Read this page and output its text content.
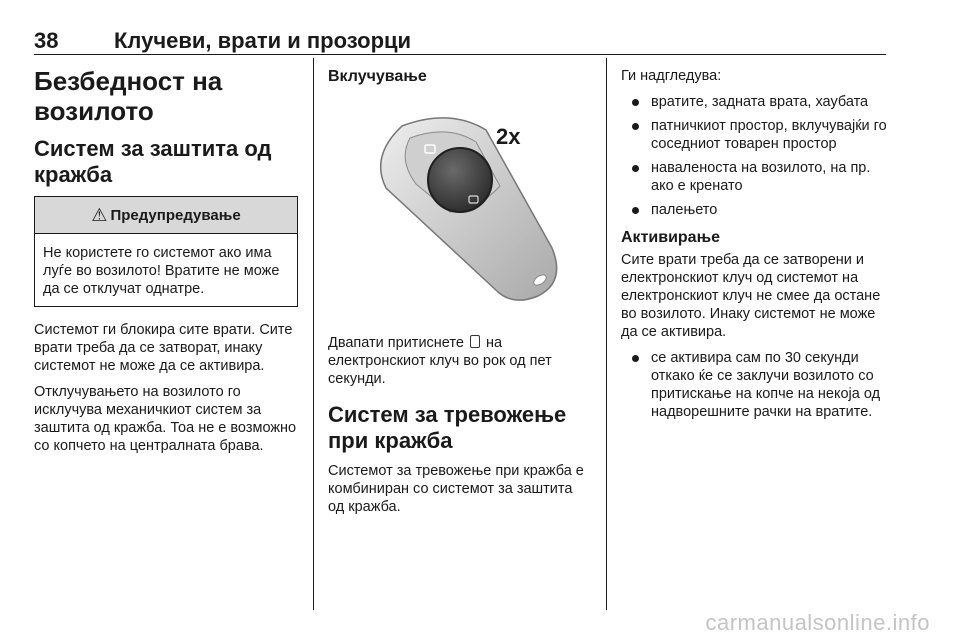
38	Клучеви, врати и прозорци
Безбедност на возилото
Систем за заштита од кражба
⚠ Предупредување
Не користете го системот ако има луѓе во возилото! Вратите не може да се отклучат однатре.

Системот ги блокира сите врати. Сите врати треба да се затворат, инаку системот не може да се активира.

Отклучувањето на возилото го исклучува механичкиот систем за заштита од кражба. Тоа не е возможно со копчето на централната брава.

Вклучување
2x

Двапати притиснете на електронскиот клуч во рок од пет секунди.

Систем за тревожење при кражба

Системот за тревожење при кражба е комбиниран со системот за заштита од кражба.

Ги надгледува:

вратите, задната врата, хаубата
патничкиот простор, вклучувајќи го соседниот товарен простор
наваленоста на возилото, на пр. ако е кренато
палењето
Активирање

Сите врати треба да се затворени и електронскиот клуч од системот на електронскиот клуч не смее да остане во возилото. Инаку системот не може да се активира.

се активира сам по 30 секунди откако ќе се заклучи возилото со притискање на копче на некоја од надворешните рачки на вратите.
carmanualsonline.info
